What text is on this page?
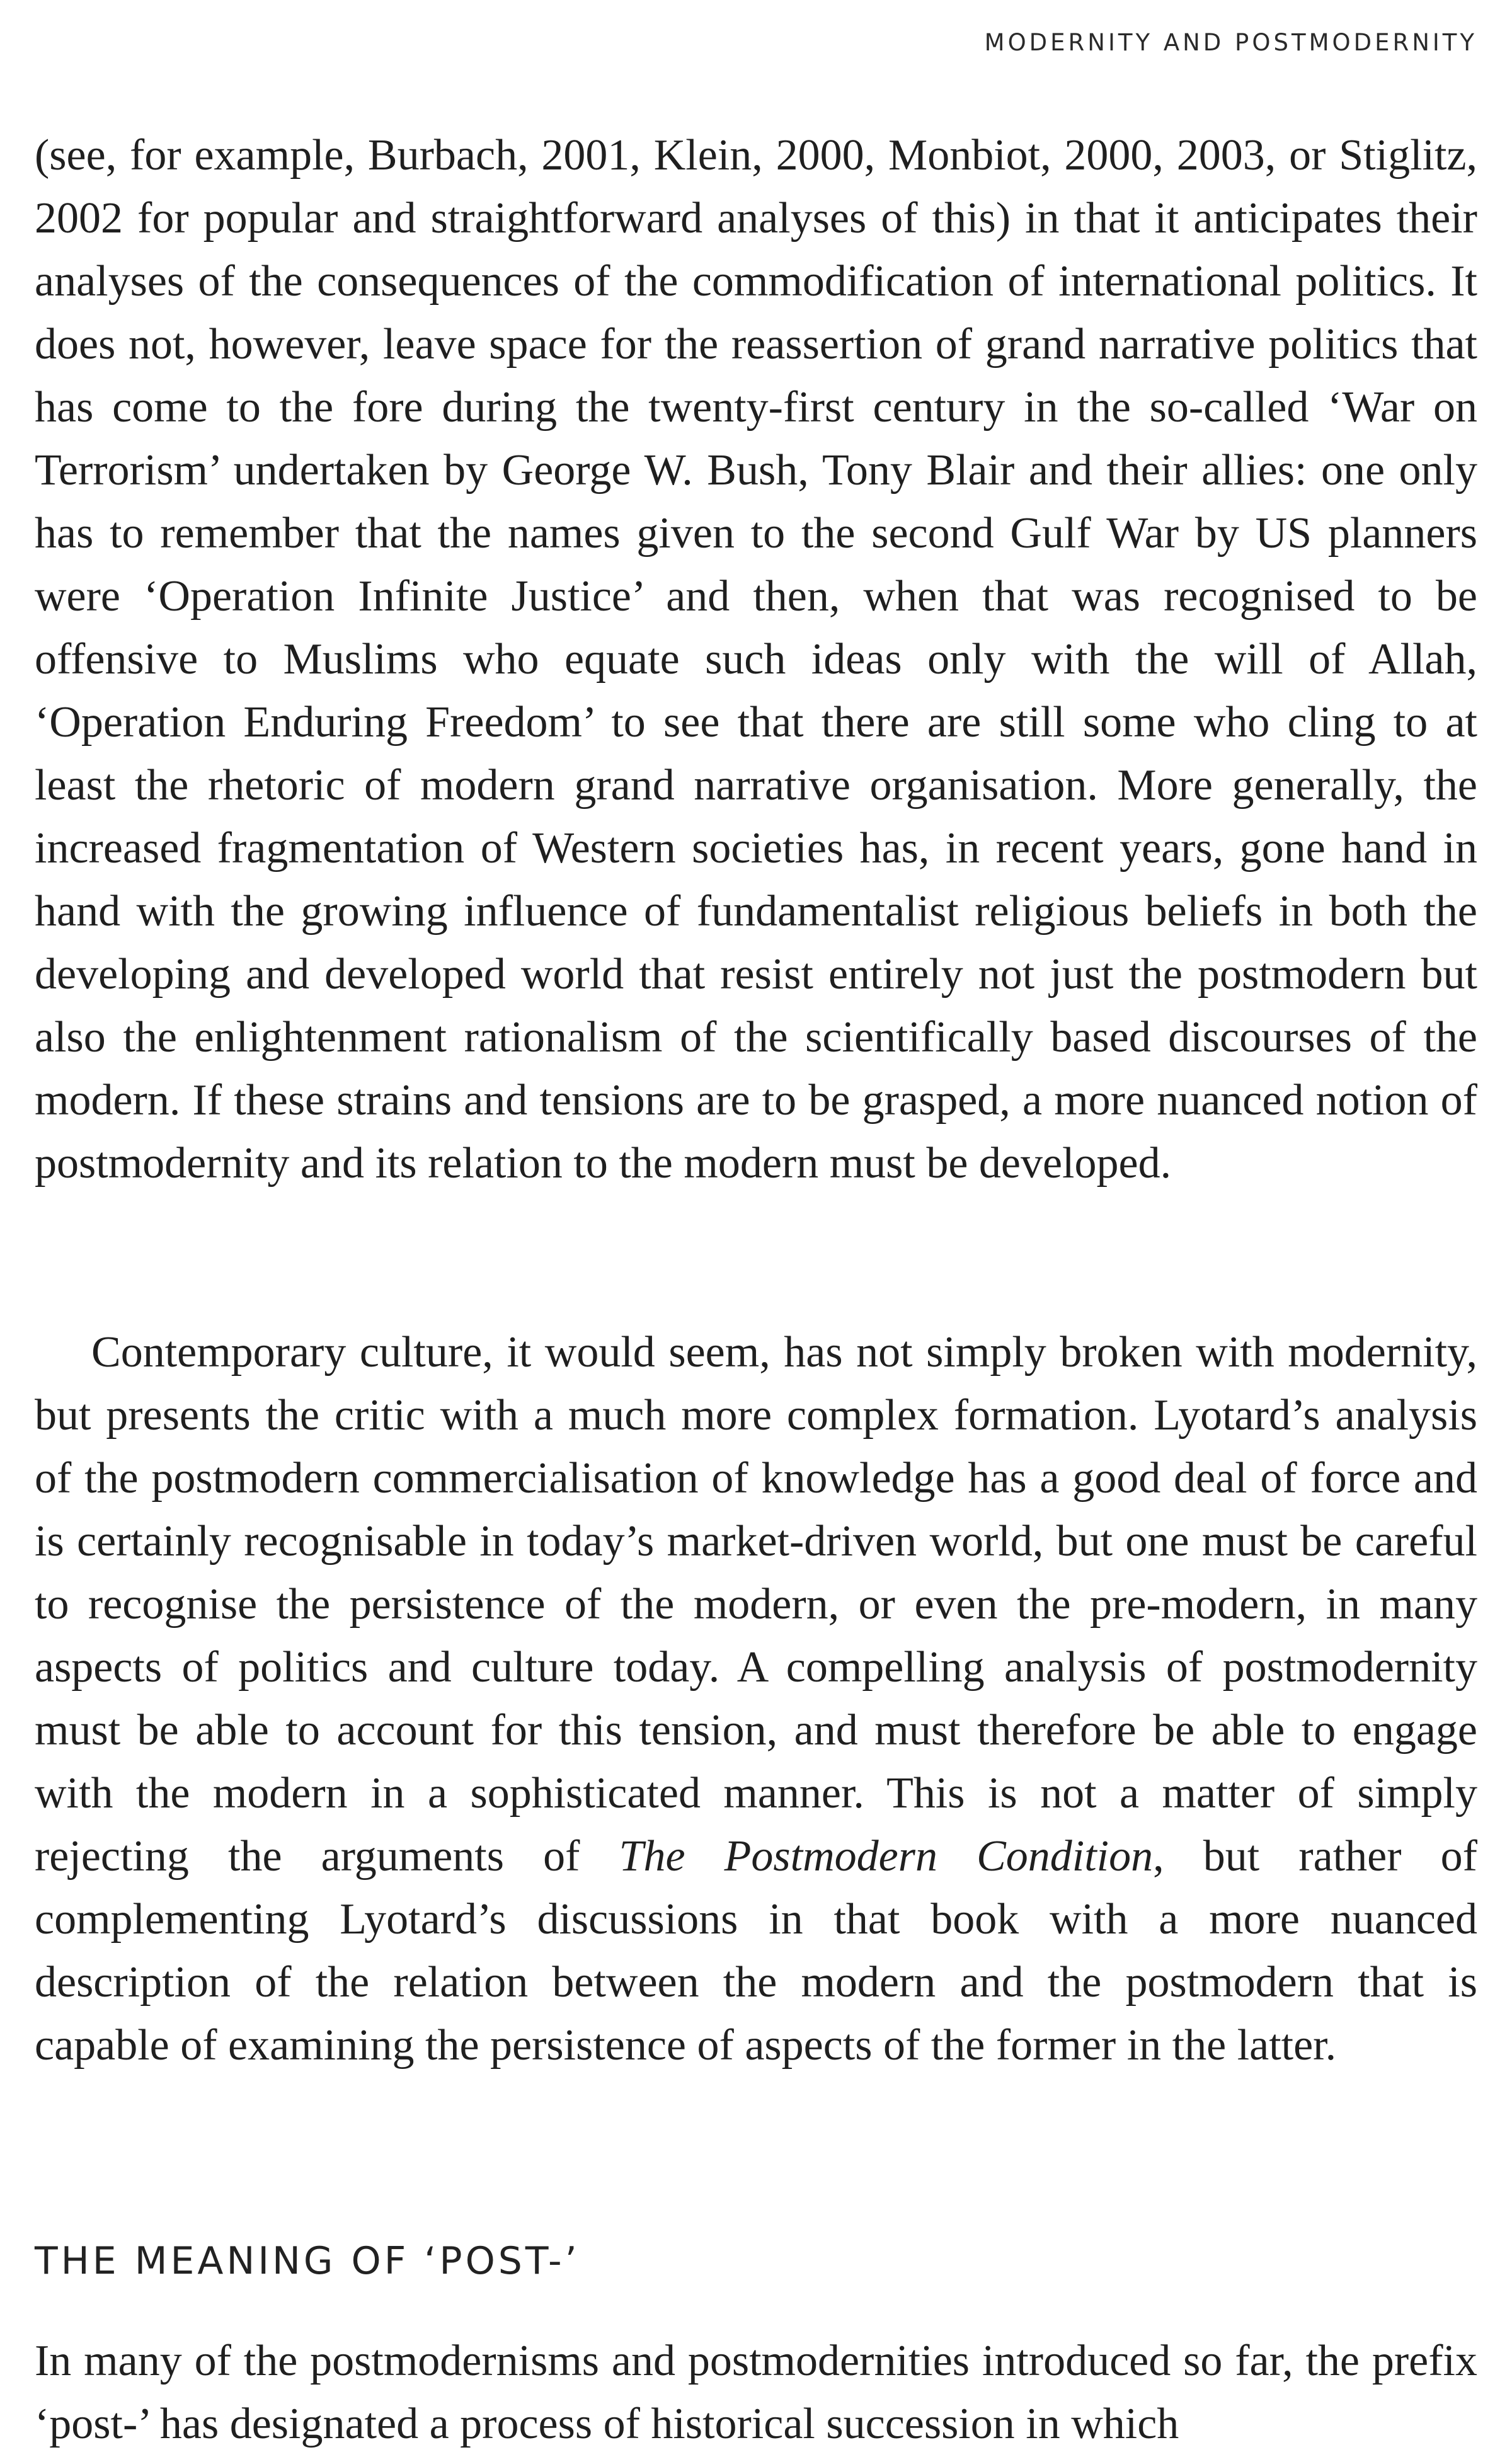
MODERNITY AND POSTMODERNITY

(see, for example, Burbach, 2001, Klein, 2000, Monbiot, 2000, 2003, or Stiglitz, 2002 for popular and straightforward analyses of this) in that it anticipates their analyses of the consequences of the commodification of international politics. It does not, however, leave space for the reassertion of grand narrative politics that has come to the fore during the twenty-first century in the so-called ‘War on Terrorism’ undertaken by George W. Bush, Tony Blair and their allies: one only has to remember that the names given to the second Gulf War by US planners were ‘Operation Infinite Justice’ and then, when that was recognised to be offensive to Muslims who equate such ideas only with the will of Allah, ‘Operation Enduring Freedom’ to see that there are still some who cling to at least the rhetoric of modern grand narrative organisation. More generally, the increased fragmentation of Western societies has, in recent years, gone hand in hand with the growing influence of fundamentalist religious beliefs in both the developing and developed world that resist entirely not just the postmodern but also the enlightenment rationalism of the scientifically based discourses of the modern. If these strains and tensions are to be grasped, a more nuanced notion of postmodernity and its relation to the modern must be developed.

Contemporary culture, it would seem, has not simply broken with modernity, but presents the critic with a much more complex formation. Lyotard’s analysis of the postmodern commercialisation of knowledge has a good deal of force and is certainly recognisable in today’s market-driven world, but one must be careful to recognise the persistence of the modern, or even the pre-modern, in many aspects of politics and culture today. A compelling analysis of postmodernity must be able to account for this tension, and must therefore be able to engage with the modern in a sophisticated manner. This is not a matter of simply rejecting the arguments of The Postmodern Condition, but rather of complementing Lyotard’s discussions in that book with a more nuanced description of the relation between the modern and the postmodern that is capable of examining the persistence of aspects of the former in the latter.

THE MEANING OF ‘POST-’

In many of the postmodernisms and postmodernities introduced so far, the prefix ‘post-’ has designated a process of historical succession in which
